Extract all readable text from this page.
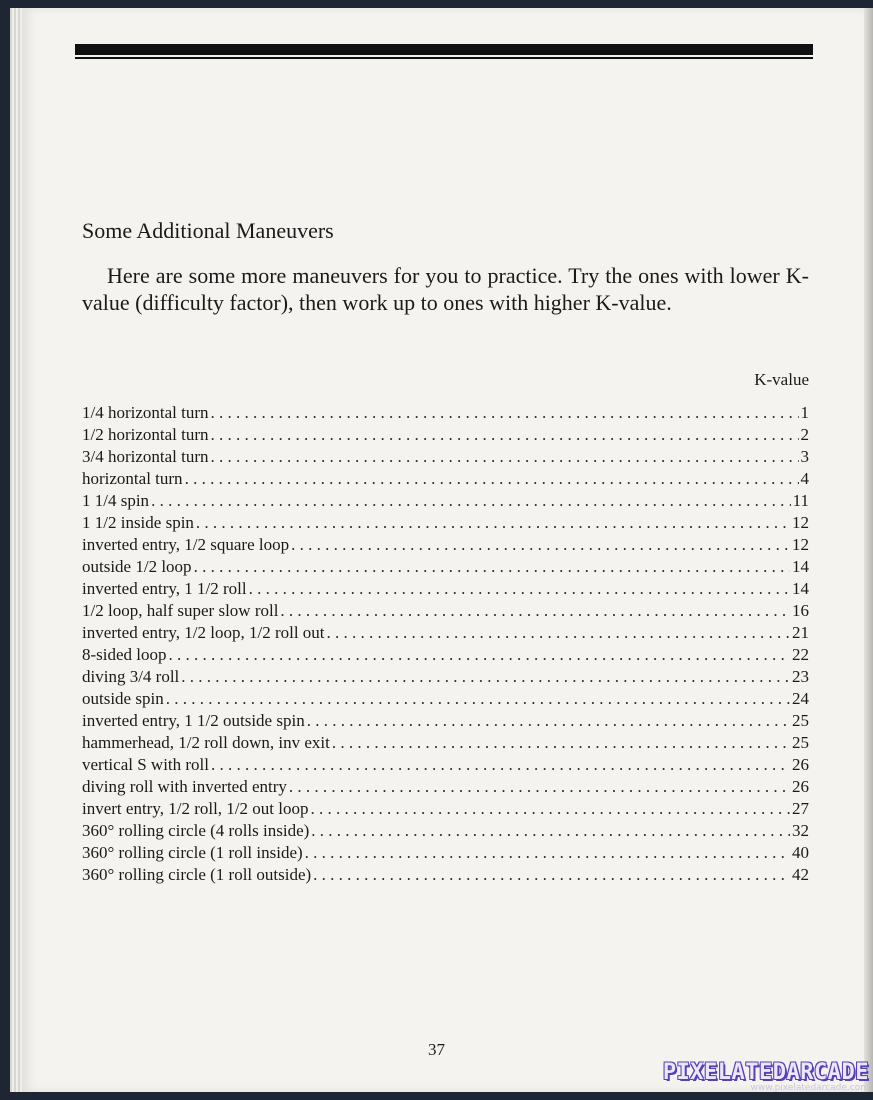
Some Additional Maneuvers

Here are some more maneuvers for you to practice. Try the ones with lower K-value (difficulty factor), then work up to ones with higher K-value.

K-value
1/4 horizontal turn . . .	1
1/2 horizontal turn . . .	2
3/4 horizontal turn . . .	3
horizontal turn . . .	4
1 1/4 spin . . .	11
1 1/2 inside spin . . .	12
inverted entry, 1/2 square loop . . .	12
outside 1/2 loop . . .	14
inverted entry, 1 1/2 roll . . .	14
1/2 loop, half super slow roll . . .	16
inverted entry, 1/2 loop, 1/2 roll out . . .	21
8-sided loop . . .	22
diving 3/4 roll . . .	23
outside spin . . .	24
inverted entry, 1 1/2 outside spin . . .	25
hammerhead, 1/2 roll down, inv exit . . .	25
vertical S with roll . . .	26
diving roll with inverted entry . . .	26
invert entry, 1/2 roll, 1/2 out loop . . .	27
360° rolling circle (4 rolls inside) . . .	32
360° rolling circle (1 roll inside) . . .	40
360° rolling circle (1 roll outside) . . .	42
37
PIXELATEDARCADE
www.pixelatedarcade.com
